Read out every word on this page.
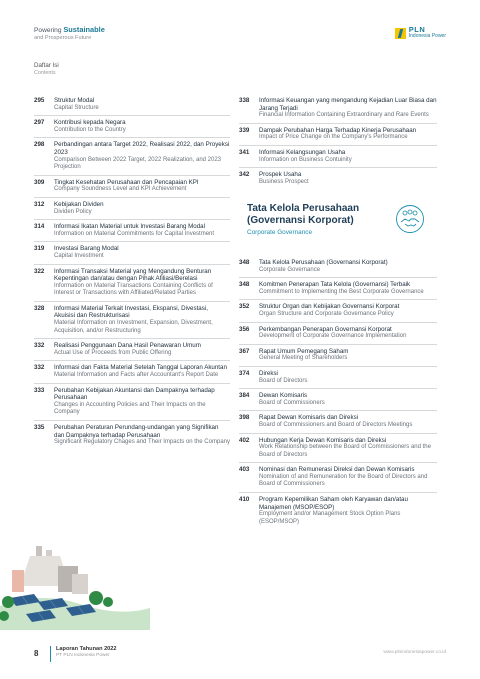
Powering Sustainable
and Prosperous Future
PLN
Indonesia Power
Daftar Isi
Contents
295	Struktur Modal
Capital Structure
297	Kontribusi kepada Negara
Contribution to the Country
298	Perbandingan antara Target 2022, Realisasi 2022, dan Proyeksi 2023
Comparison Between 2022 Target, 2022 Realization, and 2023 Projection
309	Tingkat Kesehatan Perusahaan dan Pencapaian KPI
Company Soundness Level and KPI Achievement
312	Kebijakan Dividen
Dividen Policy
314	Informasi Ikatan Material untuk Investasi Barang Modal
Information on Material Commitments for Capital Investment
319	Investasi Barang Modal
Capital Investment
322	Informasi Transaksi Material yang Mengandung Benturan Kepentingan dan/atau dengan Pihak Afiliasi/Berelasi
Information on Material Transactions Containing Conflicts of Interest or Transactions with Affiliated/Related Parties
328	Informasi Material Terkait Investasi, Ekspansi, Divestasi, Akuisisi dan Restrukturisasi
Material Information on Investment, Expansion, Divestment, Acquisition, and/or Restructuring
332	Realisasi Penggunaan Dana Hasil Penawaran Umum
Actual Use of Proceeds from Public Offering
332	Informasi dan Fakta Material Setelah Tanggal Laporan Akuntan
Material Information and Facts after Accountant's Report Date
333	Perubahan Kebijakan Akuntansi dan Dampaknya terhadap Perusahaan
Changes in Accounting Policies and Their Impacts on the Company
335	Perubahan Peraturan Perundang-undangan yang Signifikan dan Dampaknya terhadap Perusahaan
Significant Regulatory Chages and Their Impacts on the Company
338	Informasi Keuangan yang mengandung Kejadian Luar Biasa dan Jarang Terjadi
Financial Information Containing Extraordinary and Rare Events
339	Dampak Perubahan Harga Terhadap Kinerja Perusahaan
Impact of Price Change on the Company's Performance
341	Informasi Kelangsungan Usaha
Information on Business Contuinity
342	Prospek Usaha
Business Prospect
Tata Kelola Perusahaan (Governansi Korporat)
Corporate Governance
348	Tata Kelola Perusahaan (Governansi Korporat)
Corporate Governance
348	Komitmen Penerapan Tata Kelola (Governansi) Terbaik
Commitment to Implementing the Best Corporate Governance
352	Struktur Organ dan Kebijakan Governansi Korporat
Organ Structure and Corporate Governance Policy
356	Perkembangan Penerapan Governansi Korporat
Development of Corporate Governance Implementation
367	Rapat Umum Pemegang Saham
General Meeting of Shareholders
374	Direksi
Board of Directors
384	Dewan Komisaris
Board of Commissioners
398	Rapat Dewan Komisaris dan Direksi
Board of Commissioners and Board of Directors Meetings
402	Hubungan Kerja Dewan Komisaris dan Direksi
Work Relationship between the Board of Commissioners and the Board of Directors
403	Nominasi dan Remunerasi Direksi dan Dewan Komisaris
Nomination of and Remuneration for the Board of Directors and Board of Commissioners
410	Program Kepemilikan Saham oleh Karyawan dan/atau Manajemen (MSOP/ESOP)
Employment and/or Management Stock Option Plans (ESOP/MSOP)
8	Laporan Tahunan 2022
PT PLN Indonesia Power
www.plnindonesiapower.co.id
